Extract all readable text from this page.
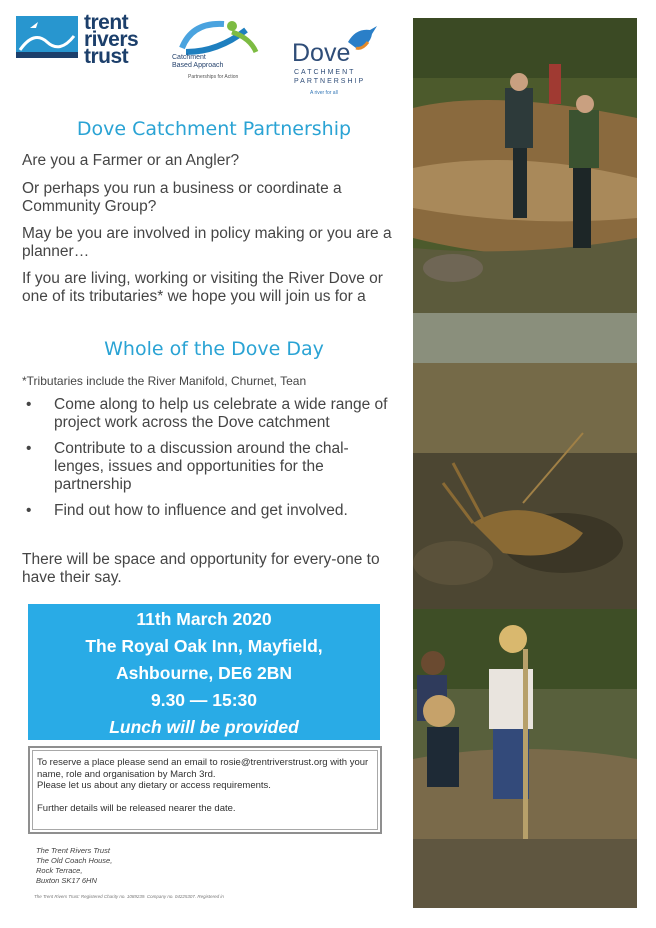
trent
rivers
trust	Catchment
Based Approach
Partnerships for Action
Dove
CATCHMENT
PARTNERSHIP
A river for all
Dove Catchment Partnership

Are you a Farmer or an Angler?

Or perhaps you run a business or coordinate a Community Group?

May be you are involved in policy making or you are a planner…

If you are living, working or visiting the River Dove or one of its tributaries* we hope you will join us for a

Whole of the Dove Day
*Tributaries include the River Manifold, Churnet, Tean
• Come along to help us celebrate a wide range of project work across the Dove catchment
• Contribute to a discussion around the chal-lenges, issues and opportunities for the partnership
• Find out how to influence and get involved.

There will be space and opportunity for every-one to have their say.

11th March 2020
The Royal Oak Inn, Mayfield,
Ashbourne, DE6 2BN
9.30 — 15:30
Lunch will be provided

To reserve a place please send an email to rosie@trentriverstrust.org with your name, role and organisation by March 3rd.

Please let us about any dietary or access requirements.

Further details will be released nearer the date.

The Trent Rivers Trust
The Old Coach House,
Rock Terrace,
Buxton SK17 6HN
The Trent Rivers Trust: Registered Charity no. 1089239. Company no. 04225307. Registered in
